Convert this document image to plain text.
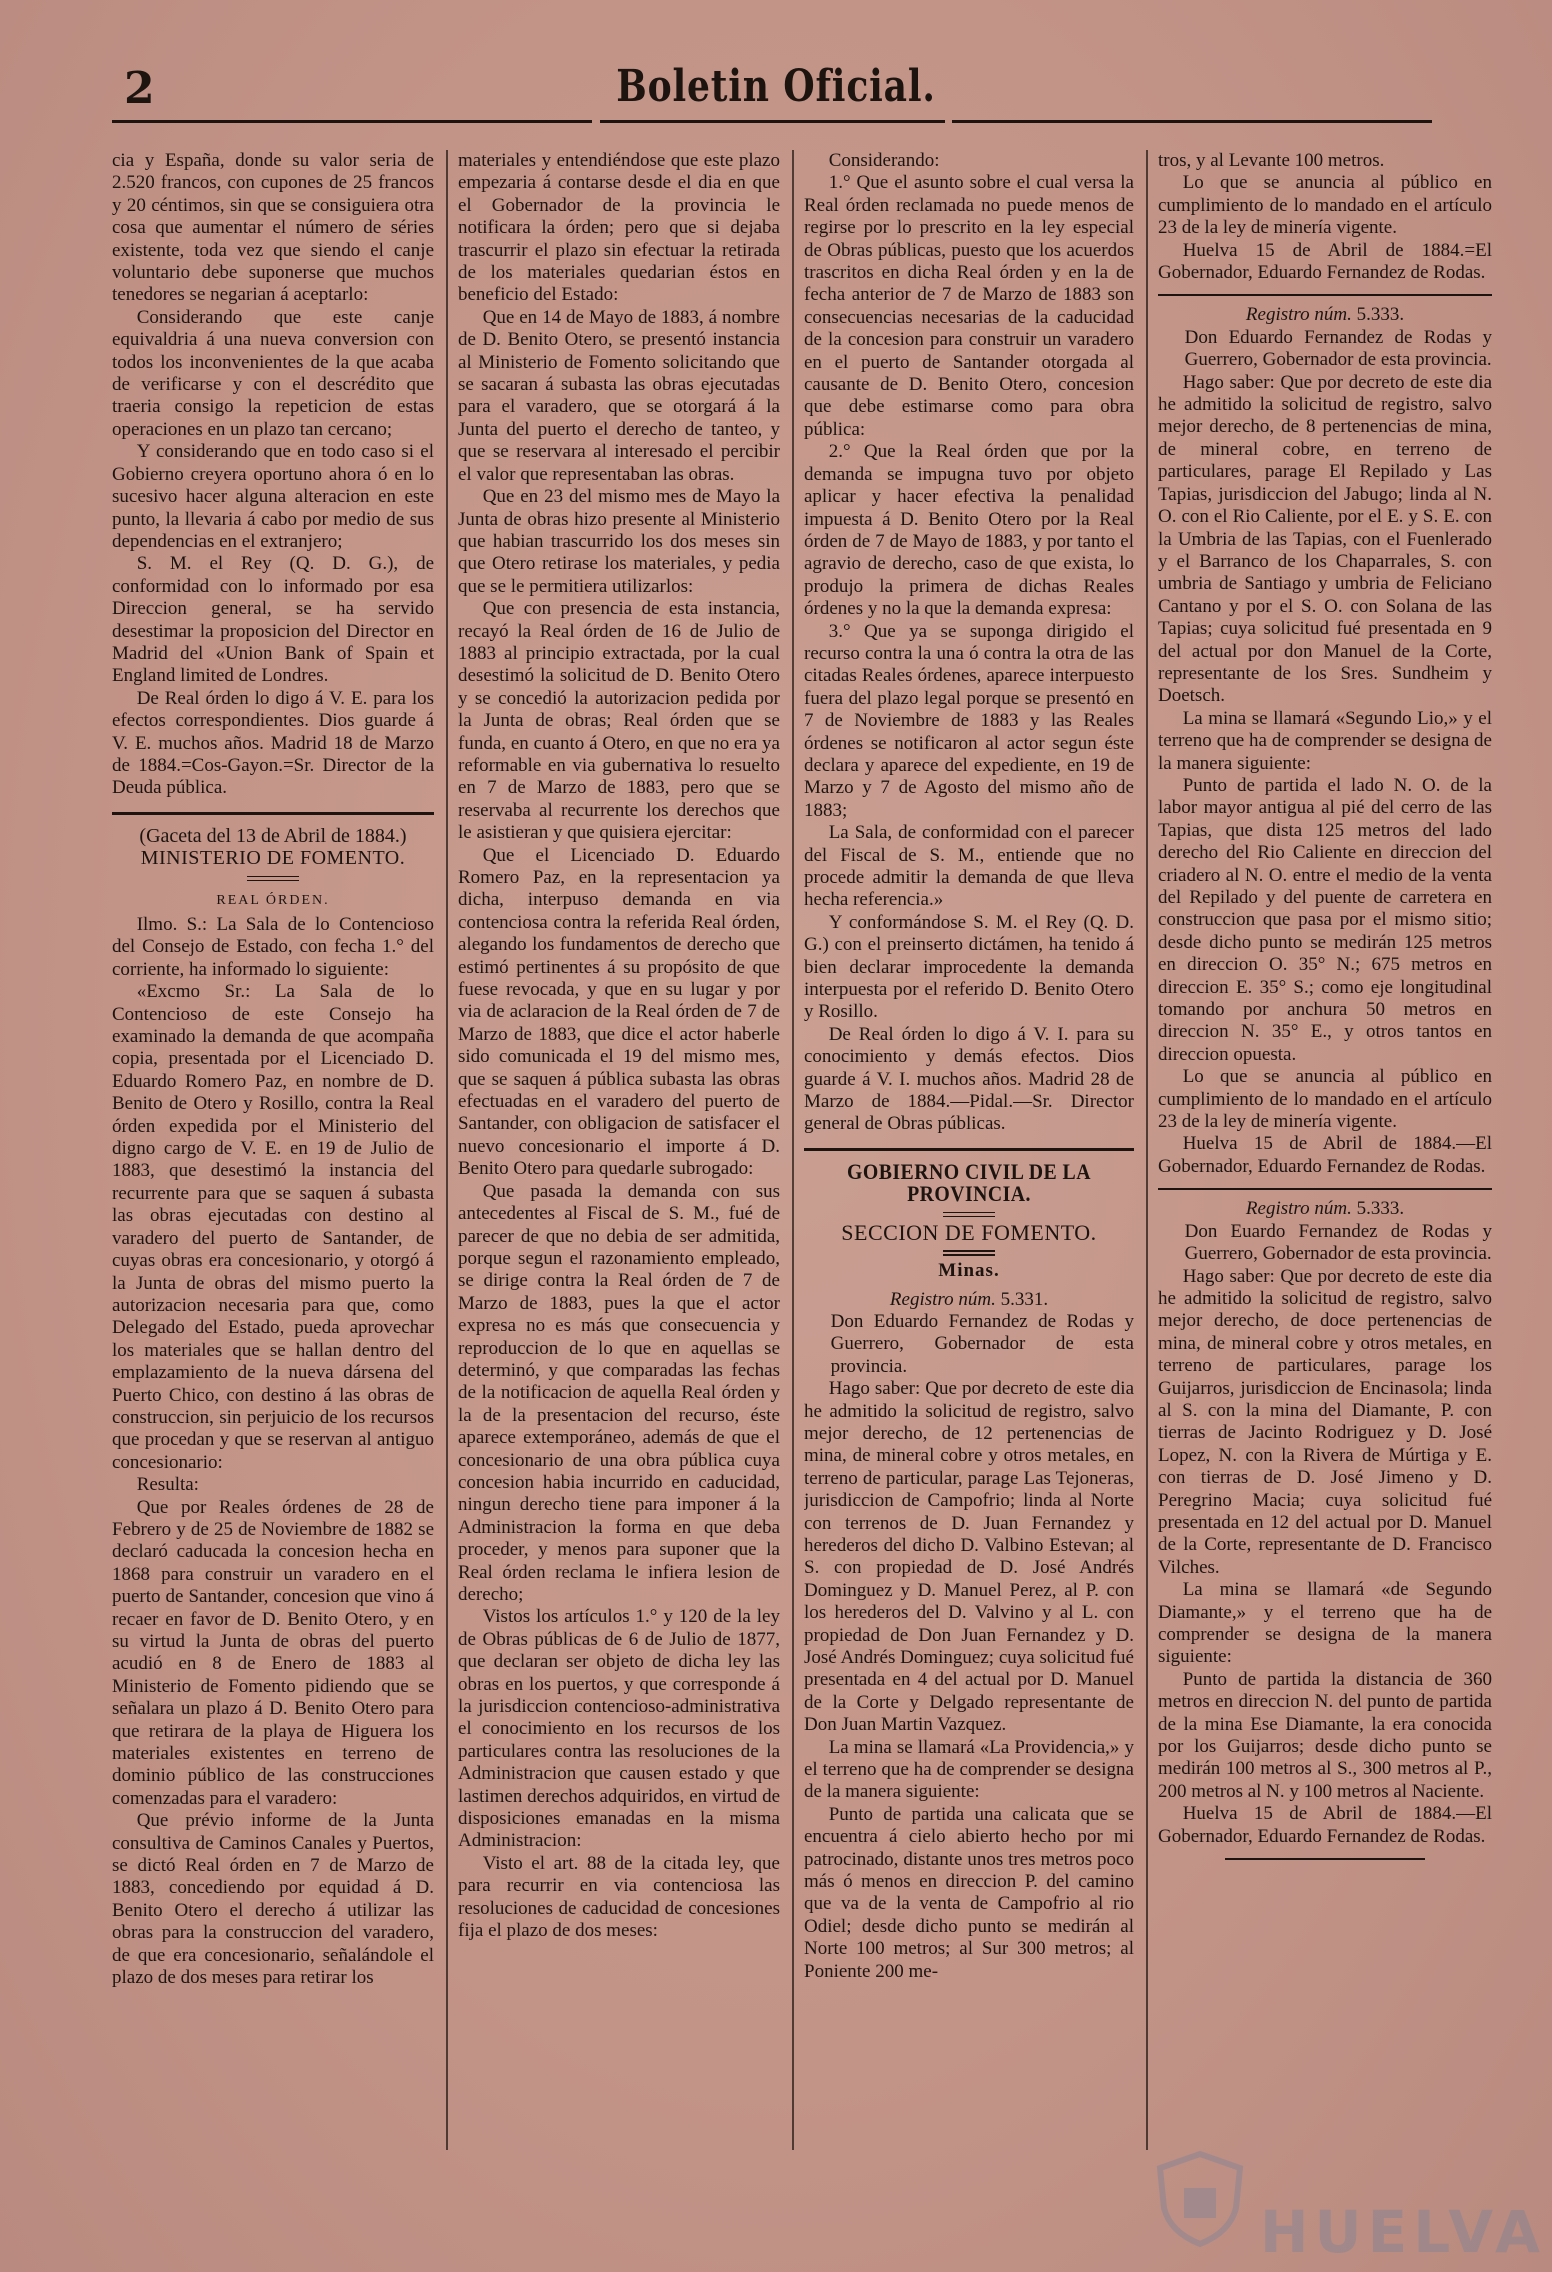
2	Boletin Oficial.

cia y España, donde su valor seria de 2.520 francos, con cupones de 25 francos y 20 céntimos, sin que se consiguiera otra cosa que aumentar el número de séries existente, toda vez que siendo el canje voluntario debe suponerse que muchos tenedores se negarian á aceptarlo:

Considerando que este canje equivaldria á una nueva conversion con todos los inconvenientes de la que acaba de verificarse y con el descrédito que traeria consigo la repeticion de estas operaciones en un plazo tan cercano;

Y considerando que en todo caso si el Gobierno creyera oportuno ahora ó en lo sucesivo hacer alguna alteracion en este punto, la llevaria á cabo por medio de sus dependencias en el extranjero;

S. M. el Rey (Q. D. G.), de conformidad con lo informado por esa Direccion general, se ha servido desestimar la proposicion del Director en Madrid del «Union Bank of Spain et England limited de Londres.

De Real órden lo digo á V. E. para los efectos correspondientes. Dios guarde á V. E. muchos años. Madrid 18 de Marzo de 1884.=Cos-Gayon.=Sr. Director de la Deuda pública.

(Gaceta del 13 de Abril de 1884.)

MINISTERIO DE FOMENTO.

REAL ÓRDEN.

Ilmo. S.: La Sala de lo Contencioso del Consejo de Estado, con fecha 1.° del corriente, ha informado lo siguiente:

«Excmo Sr.: La Sala de lo Contencioso de este Consejo ha examinado la demanda de que acompaña copia, presentada por el Licenciado D. Eduardo Romero Paz, en nombre de D. Benito de Otero y Rosillo, contra la Real órden expedida por el Ministerio del digno cargo de V. E. en 19 de Julio de 1883, que desestimó la instancia del recurrente para que se saquen á subasta las obras ejecutadas con destino al varadero del puerto de Santander, de cuyas obras era concesionario, y otorgó á la Junta de obras del mismo puerto la autorizacion necesaria para que, como Delegado del Estado, pueda aprovechar los materiales que se hallan dentro del emplazamiento de la nueva dársena del Puerto Chico, con destino á las obras de construccion, sin perjuicio de los recursos que procedan y que se reservan al antiguo concesionario:

Resulta:

Que por Reales órdenes de 28 de Febrero y de 25 de Noviembre de 1882 se declaró caducada la concesion hecha en 1868 para construir un varadero en el puerto de Santander, concesion que vino á recaer en favor de D. Benito Otero, y en su virtud la Junta de obras del puerto acudió en 8 de Enero de 1883 al Ministerio de Fomento pidiendo que se señalara un plazo á D. Benito Otero para que retirara de la playa de Higuera los materiales existentes en terreno de dominio público de las construcciones comenzadas para el varadero:

Que prévio informe de la Junta consultiva de Caminos Canales y Puertos, se dictó Real órden en 7 de Marzo de 1883, concediendo por equidad á D. Benito Otero el derecho á utilizar las obras para la construccion del varadero, de que era concesionario, señalándole el plazo de dos meses para retirar los

materiales y entendiéndose que este plazo empezaria á contarse desde el dia en que el Gobernador de la provincia le notificara la órden; pero que si dejaba trascurrir el plazo sin efectuar la retirada de los materiales quedarian éstos en beneficio del Estado:

Que en 14 de Mayo de 1883, á nombre de D. Benito Otero, se presentó instancia al Ministerio de Fomento solicitando que se sacaran á subasta las obras ejecutadas para el varadero, que se otorgará á la Junta del puerto el derecho de tanteo, y que se reservara al interesado el percibir el valor que representaban las obras.

Que en 23 del mismo mes de Mayo la Junta de obras hizo presente al Ministerio que habian trascurrido los dos meses sin que Otero retirase los materiales, y pedia que se le permitiera utilizarlos:

Que con presencia de esta instancia, recayó la Real órden de 16 de Julio de 1883 al principio extractada, por la cual desestimó la solicitud de D. Benito Otero y se concedió la autorizacion pedida por la Junta de obras; Real órden que se funda, en cuanto á Otero, en que no era ya reformable en via gubernativa lo resuelto en 7 de Marzo de 1883, pero que se reservaba al recurrente los derechos que le asistieran y que quisiera ejercitar:

Que el Licenciado D. Eduardo Romero Paz, en la representacion ya dicha, interpuso demanda en via contenciosa contra la referida Real órden, alegando los fundamentos de derecho que estimó pertinentes á su propósito de que fuese revocada, y que en su lugar y por via de aclaracion de la Real órden de 7 de Marzo de 1883, que dice el actor haberle sido comunicada el 19 del mismo mes, que se saquen á pública subasta las obras efectuadas en el varadero del puerto de Santander, con obligacion de satisfacer el nuevo concesionario el importe á D. Benito Otero para quedarle subrogado:

Que pasada la demanda con sus antecedentes al Fiscal de S. M., fué de parecer de que no debia de ser admitida, porque segun el razonamiento empleado, se dirige contra la Real órden de 7 de Marzo de 1883, pues la que el actor expresa no es más que consecuencia y reproduccion de lo que en aquellas se determinó, y que comparadas las fechas de la notificacion de aquella Real órden y la de la presentacion del recurso, éste aparece extemporáneo, además de que el concesionario de una obra pública cuya concesion habia incurrido en caducidad, ningun derecho tiene para imponer á la Administracion la forma en que deba proceder, y menos para suponer que la Real órden reclama le infiera lesion de derecho;

Vistos los artículos 1.° y 120 de la ley de Obras públicas de 6 de Julio de 1877, que declaran ser objeto de dicha ley las obras en los puertos, y que corresponde á la jurisdiccion contencioso-administrativa el conocimiento en los recursos de los particulares contra las resoluciones de la Administracion que causen estado y que lastimen derechos adquiridos, en virtud de disposiciones emanadas en la misma Administracion:

Visto el art. 88 de la citada ley, que para recurrir en via contenciosa las resoluciones de caducidad de concesiones fija el plazo de dos meses:

Considerando:

1.° Que el asunto sobre el cual versa la Real órden reclamada no puede menos de regirse por lo prescrito en la ley especial de Obras públicas, puesto que los acuerdos trascritos en dicha Real órden y en la de fecha anterior de 7 de Marzo de 1883 son consecuencias necesarias de la caducidad de la concesion para construir un varadero en el puerto de Santander otorgada al causante de D. Benito Otero, concesion que debe estimarse como para obra pública:

2.° Que la Real órden que por la demanda se impugna tuvo por objeto aplicar y hacer efectiva la penalidad impuesta á D. Benito Otero por la Real órden de 7 de Mayo de 1883, y por tanto el agravio de derecho, caso de que exista, lo produjo la primera de dichas Reales órdenes y no la que la demanda expresa:

3.° Que ya se suponga dirigido el recurso contra la una ó contra la otra de las citadas Reales órdenes, aparece interpuesto fuera del plazo legal porque se presentó en 7 de Noviembre de 1883 y las Reales órdenes se notificaron al actor segun éste declara y aparece del expediente, en 19 de Marzo y 7 de Agosto del mismo año de 1883;

La Sala, de conformidad con el parecer del Fiscal de S. M., entiende que no procede admitir la demanda de que lleva hecha referencia.»

Y conformándose S. M. el Rey (Q. D. G.) con el preinserto dictámen, ha tenido á bien declarar improcedente la demanda interpuesta por el referido D. Benito Otero y Rosillo.

De Real órden lo digo á V. I. para su conocimiento y demás efectos. Dios guarde á V. I. muchos años. Madrid 28 de Marzo de 1884.—Pidal.—Sr. Director general de Obras públicas.

GOBIERNO CIVIL DE LA PROVINCIA.

SECCION DE FOMENTO.

Minas.

Registro núm. 5.331.

Don Eduardo Fernandez de Rodas y Guerrero, Gobernador de esta provincia.

Hago saber: Que por decreto de este dia he admitido la solicitud de registro, salvo mejor derecho, de 12 pertenencias de mina, de mineral cobre y otros metales, en terreno de particular, parage Las Tejoneras, jurisdiccion de Campofrio; linda al Norte con terrenos de D. Juan Fernandez y herederos del dicho D. Valbino Estevan; al S. con propiedad de D. José Andrés Dominguez y D. Manuel Perez, al P. con los herederos del D. Valvino y al L. con propiedad de Don Juan Fernandez y D. José Andrés Dominguez; cuya solicitud fué presentada en 4 del actual por D. Manuel de la Corte y Delgado representante de Don Juan Martin Vazquez.

La mina se llamará «La Providencia,» y el terreno que ha de comprender se designa de la manera siguiente:

Punto de partida una calicata que se encuentra á cielo abierto hecho por mi patrocinado, distante unos tres metros poco más ó menos en direccion P. del camino que va de la venta de Campofrio al rio Odiel; desde dicho punto se medirán al Norte 100 metros; al Sur 300 metros; al Poniente 200 me-

tros, y al Levante 100 metros.

Lo que se anuncia al público en cumplimiento de lo mandado en el artículo 23 de la ley de minería vigente.

Huelva 15 de Abril de 1884.=El Gobernador, Eduardo Fernandez de Rodas.

Registro núm. 5.333.

Don Eduardo Fernandez de Rodas y Guerrero, Gobernador de esta provincia.

Hago saber: Que por decreto de este dia he admitido la solicitud de registro, salvo mejor derecho, de 8 pertenencias de mina, de mineral cobre, en terreno de particulares, parage El Repilado y Las Tapias, jurisdiccion del Jabugo; linda al N. O. con el Rio Caliente, por el E. y S. E. con la Umbria de las Tapias, con el Fuenlerado y el Barranco de los Chaparrales, S. con umbria de Santiago y umbria de Feliciano Cantano y por el S. O. con Solana de las Tapias; cuya solicitud fué presentada en 9 del actual por don Manuel de la Corte, representante de los Sres. Sundheim y Doetsch.

La mina se llamará «Segundo Lio,» y el terreno que ha de comprender se designa de la manera siguiente:

Punto de partida el lado N. O. de la labor mayor antigua al pié del cerro de las Tapias, que dista 125 metros del lado derecho del Rio Caliente en direccion del criadero al N. O. entre el medio de la venta del Repilado y del puente de carretera en construccion que pasa por el mismo sitio; desde dicho punto se medirán 125 metros en direccion O. 35° N.; 675 metros en direccion E. 35° S.; como eje longitudinal tomando por anchura 50 metros en direccion N. 35° E., y otros tantos en direccion opuesta.

Lo que se anuncia al público en cumplimiento de lo mandado en el artículo 23 de la ley de minería vigente.

Huelva 15 de Abril de 1884.—El Gobernador, Eduardo Fernandez de Rodas.

Registro núm. 5.333.

Don Euardo Fernandez de Rodas y Guerrero, Gobernador de esta provincia.

Hago saber: Que por decreto de este dia he admitido la solicitud de registro, salvo mejor derecho, de doce pertenencias de mina, de mineral cobre y otros metales, en terreno de particulares, parage los Guijarros, jurisdiccion de Encinasola; linda al S. con la mina del Diamante, P. con tierras de Jacinto Rodriguez y D. José Lopez, N. con la Rivera de Múrtiga y E. con tierras de D. José Jimeno y D. Peregrino Macia; cuya solicitud fué presentada en 12 del actual por D. Manuel de la Corte, representante de D. Francisco Vilches.

La mina se llamará «de Segundo Diamante,» y el terreno que ha de comprender se designa de la manera siguiente:

Punto de partida la distancia de 360 metros en direccion N. del punto de partida de la mina Ese Diamante, la era conocida por los Guijarros; desde dicho punto se medirán 100 metros al S., 300 metros al P., 200 metros al N. y 100 metros al Naciente.

Huelva 15 de Abril de 1884.—El Gobernador, Eduardo Fernandez de Rodas.

HUELVA
